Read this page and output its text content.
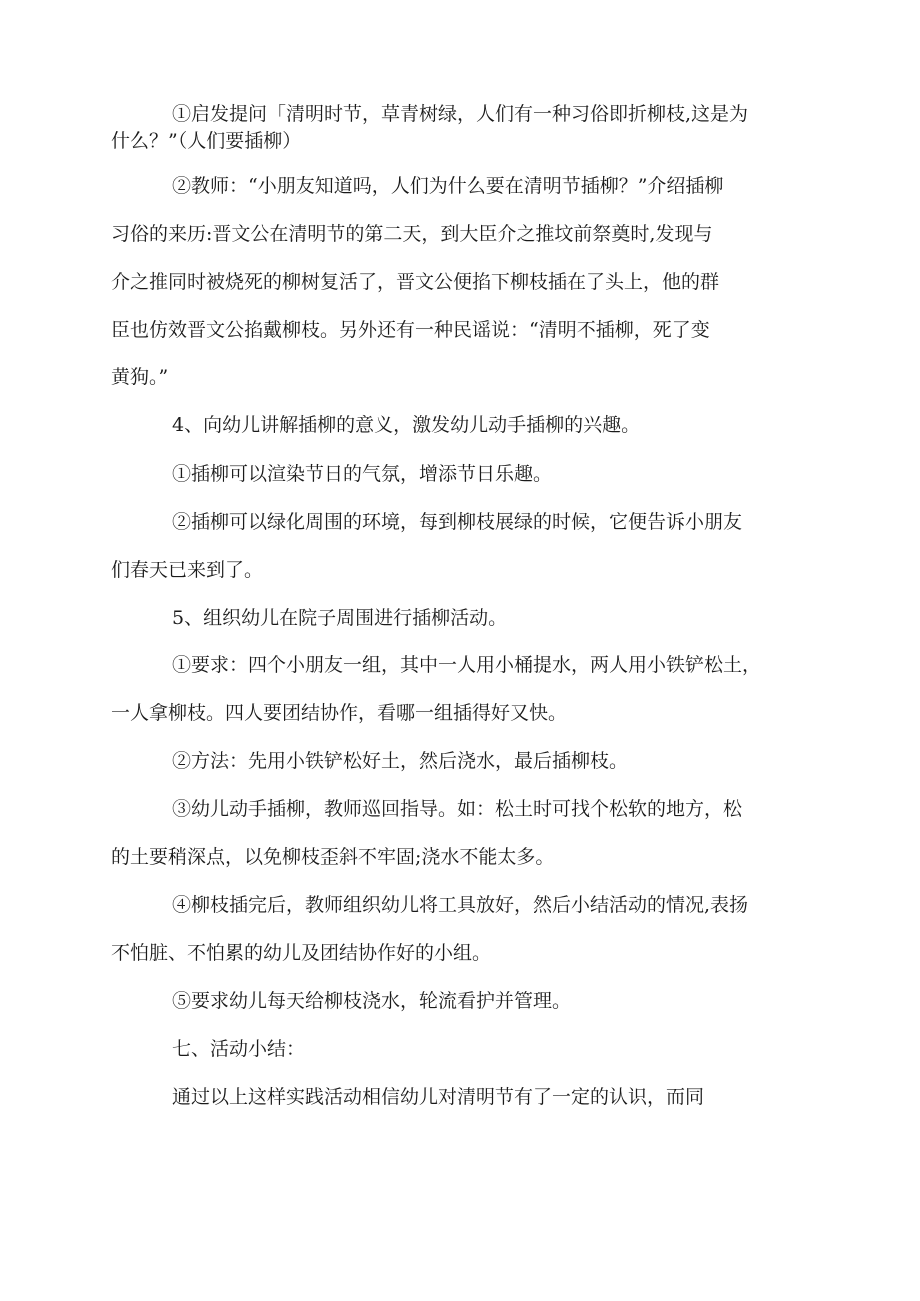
①启发提问「清明时节，草青树绿，人们有一种习俗即折柳枝,这是为
什么？”（人们要插柳）
②教师：“小朋友知道吗，人们为什么要在清明节插柳？”介绍插柳
习俗的来历:晋文公在清明节的第二天，到大臣介之推坟前祭奠时,发现与
介之推同时被烧死的柳树复活了，晋文公便掐下柳枝插在了头上，他的群
臣也仿效晋文公掐戴柳枝。另外还有一种民谣说：“清明不插柳，死了变
黄狗。”
4、向幼儿讲解插柳的意义，激发幼儿动手插柳的兴趣。
①插柳可以渲染节日的气氛，增添节日乐趣。
②插柳可以绿化周围的环境，每到柳枝展绿的时候，它便告诉小朋友
们春天已来到了。
5、组织幼儿在院子周围进行插柳活动。
①要求：四个小朋友一组，其中一人用小桶提水，两人用小铁铲松土，
一人拿柳枝。四人要团结协作，看哪一组插得好又快。
②方法：先用小铁铲松好土，然后浇水，最后插柳枝。
③幼儿动手插柳，教师巡回指导。如：松土时可找个松软的地方，松
的土要稍深点，以免柳枝歪斜不牢固;浇水不能太多。
④柳枝插完后，教师组织幼儿将工具放好，然后小结活动的情况,表扬
不怕脏、不怕累的幼儿及团结协作好的小组。
⑤要求幼儿每天给柳枝浇水，轮流看护并管理。
七、活动小结：
通过以上这样实践活动相信幼儿对清明节有了一定的认识，而同
